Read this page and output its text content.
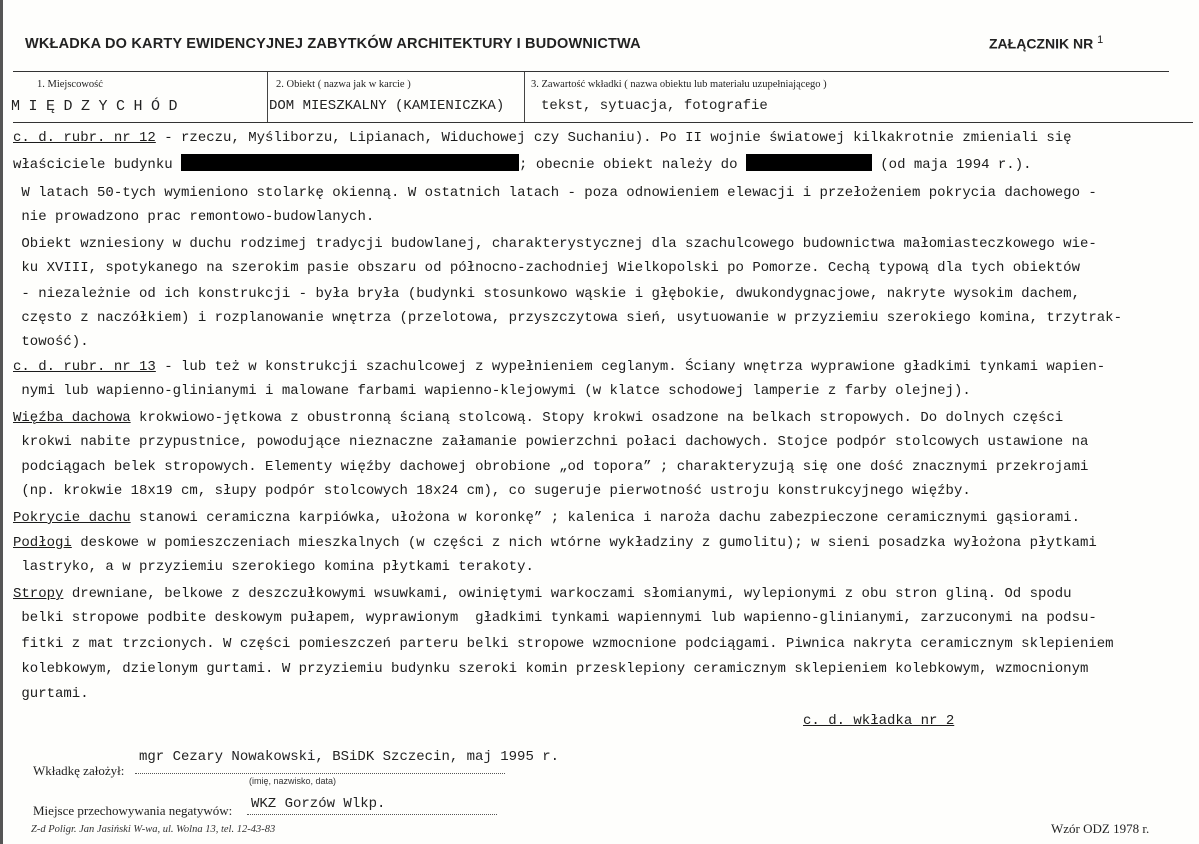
WKŁADKA DO KARTY EWIDENCYJNEJ ZABYTKÓW ARCHITEKTURY I BUDOWNICTWA	ZAŁĄCZNIK NR $^1$
1. Miejscowość	2. Obiekt ( nazwa jak w karcie )	3. Zawartość wkładki ( nazwa obiektu lub materiału uzupełniającego )
MIĘDZYCHÓD	DOM MIESZKALNY (KAMIENICZKA)	tekst, sytuacja, fotografie
c. d. rubr. nr 12 - rzeczu, Myśliborzu, Lipianach, Widuchowej czy Suchaniu). Po II wojnie światowej kilkakrotnie zmieniali się
właściciele budynku	; obecnie obiekt należy do	(od maja 1994 r.).
W latach 50-tych wymieniono stolarkę okienną. W ostatnich latach - poza odnowieniem elewacji i przełożeniem pokrycia dachowego -
nie prowadzono prac remontowo-budowlanych.
Obiekt wzniesiony w duchu rodzimej tradycji budowlanej, charakterystycznej dla szachulcowego budownictwa małomiasteczkowego wie-
ku XVIII, spotykanego na szerokim pasie obszaru od północno-zachodniej Wielkopolski po Pomorze. Cechą typową dla tych obiektów
- niezależnie od ich konstrukcji - była bryła (budynki stosunkowo wąskie i głębokie, dwukondygnacjowe, nakryte wysokim dachem,
często z naczółkiem) i rozplanowanie wnętrza (przelotowa, przyszczytowa sień, usytuowanie w przyziemiu szerokiego komina, trzytrak-
towość).
c. d. rubr. nr 13 - lub też w konstrukcji szachulcowej z wypełnieniem ceglanym. Ściany wnętrza wyprawione gładkimi tynkami wapien-
nymi lub wapienno-glinianymi i malowane farbami wapienno-klejowymi (w klatce schodowej lamperie z farby olejnej).
Więźba dachowa krokwiowo-jętkowa z obustronną ścianą stolcową. Stopy krokwi osadzone na belkach stropowych. Do dolnych części
krokwi nabite przypustnice, powodujące nieznaczne załamanie powierzchni połaci dachowych. Stojce podpór stolcowych ustawione na
podciągach belek stropowych. Elementy więźby dachowej obrobione „od topora” ; charakteryzują się one dość znacznymi przekrojami
(np. krokwie 18x19 cm, słupy podpór stolcowych 18x24 cm), co sugeruje pierwotność ustroju konstrukcyjnego więźby.
Pokrycie dachu stanowi ceramiczna karpiówka, ułożona w koronkę” ; kalenica i naroża dachu zabezpieczone ceramicznymi gąsiorami.
Podłogi deskowe w pomieszczeniach mieszkalnych (w części z nich wtórne wykładziny z gumolitu); w sieni posadzka wyłożona płytkami
lastryko, a w przyziemiu szerokiego komina płytkami terakoty.
Stropy drewniane, belkowe z deszczułkowymi wsuwkami, owiniętymi warkoczami słomianymi, wylepionymi z obu stron gliną. Od spodu
belki stropowe podbite deskowym pułapem, wyprawionym  gładkimi tynkami wapiennymi lub wapienno-glinianymi, zarzuconymi na podsu-
fitki z mat trzcionych. W części pomieszczeń parteru belki stropowe wzmocnione podciągami. Piwnica nakryta ceramicznym sklepieniem
kolebkowym, dzielonym gurtami. W przyziemiu budynku szeroki komin przesklepiony ceramicznym sklepieniem kolebkowym, wzmocnionym
gurtami.
c. d. wkładka nr 2
Wkładkę założył:
mgr Cezary Nowakowski, BSiDK Szczecin, maj 1995 r.
(imię, nazwisko, data)
Miejsce przechowywania negatywów: WKZ Gorzów Wlkp.
Z-d Poligr. Jan Jasiński W-wa, ul. Wolna 13, tel. 12-43-83	Wzór ODZ 1978 r.
